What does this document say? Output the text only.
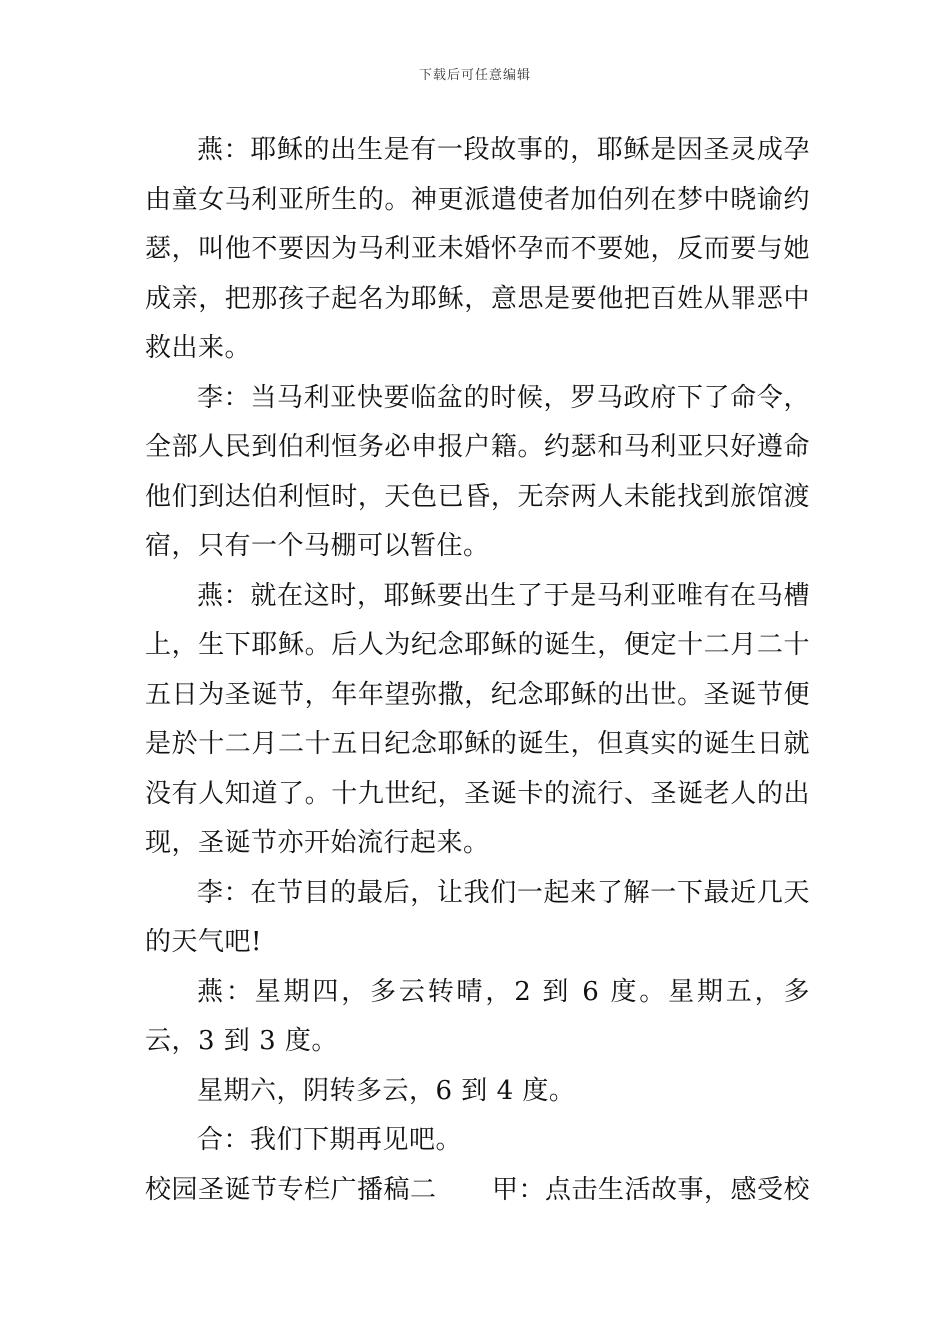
下载后可任意编辑

燕：耶稣的出生是有一段故事的，耶稣是因圣灵成孕由童女马利亚所生的。神更派遣使者加伯列在梦中晓谕约瑟，叫他不要因为马利亚未婚怀孕而不要她，反而要与她成亲，把那孩子起名为耶稣，意思是要他把百姓从罪恶中救出来。

李：当马利亚快要临盆的时候，罗马政府下了命令，全部人民到伯利恒务必申报户籍。约瑟和马利亚只好遵命他们到达伯利恒时，天色已昏，无奈两人未能找到旅馆渡宿，只有一个马棚可以暂住。

燕：就在这时，耶稣要出生了于是马利亚唯有在马槽上，生下耶稣。后人为纪念耶稣的诞生，便定十二月二十五日为圣诞节，年年望弥撒，纪念耶稣的出世。圣诞节便是於十二月二十五日纪念耶稣的诞生，但真实的诞生日就没有人知道了。十九世纪，圣诞卡的流行、圣诞老人的出现，圣诞节亦开始流行起来。

李：在节目的最后，让我们一起来了解一下最近几天的天气吧!

燕：星期四，多云转晴，2 到 6 度。星期五，多云，3 到 3 度。

星期六，阴转多云，6 到 4 度。

合：我们下期再见吧。

校园圣诞节专栏广播稿二 甲：点击生活故事，感受校
